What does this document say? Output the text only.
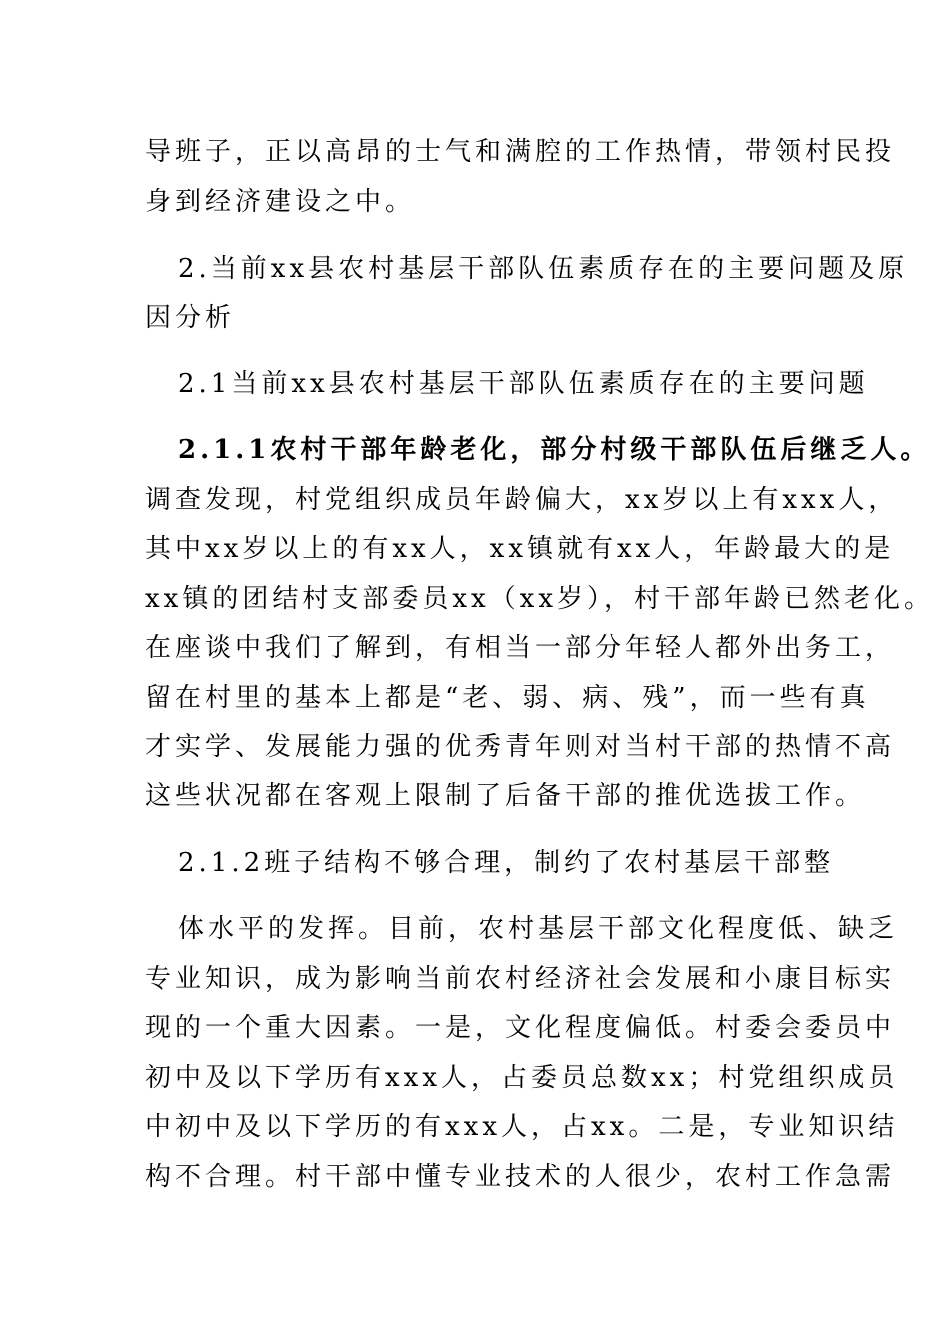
导班子，正以高昂的士气和满腔的工作热情，带领村民投
身到经济建设之中。
2.当前xx县农村基层干部队伍素质存在的主要问题及原
因分析
2.1当前xx县农村基层干部队伍素质存在的主要问题
2.1.1农村干部年龄老化，部分村级干部队伍后继乏人。
调查发现，村党组织成员年龄偏大，xx岁以上有xxx人，
其中xx岁以上的有xx人，xx镇就有xx人，年龄最大的是
xx镇的团结村支部委员xx（xx岁），村干部年龄已然老化。
在座谈中我们了解到，有相当一部分年轻人都外出务工，
留在村里的基本上都是“老、弱、病、残”，而一些有真
才实学、发展能力强的优秀青年则对当村干部的热情不高
这些状况都在客观上限制了后备干部的推优选拔工作。
2.1.2班子结构不够合理，制约了农村基层干部整
体水平的发挥。目前，农村基层干部文化程度低、缺乏
专业知识，成为影响当前农村经济社会发展和小康目标实
现的一个重大因素。一是，文化程度偏低。村委会委员中
初中及以下学历有xxx人，占委员总数xx；村党组织成员
中初中及以下学历的有xxx人，占xx。二是，专业知识结
构不合理。村干部中懂专业技术的人很少，农村工作急需
